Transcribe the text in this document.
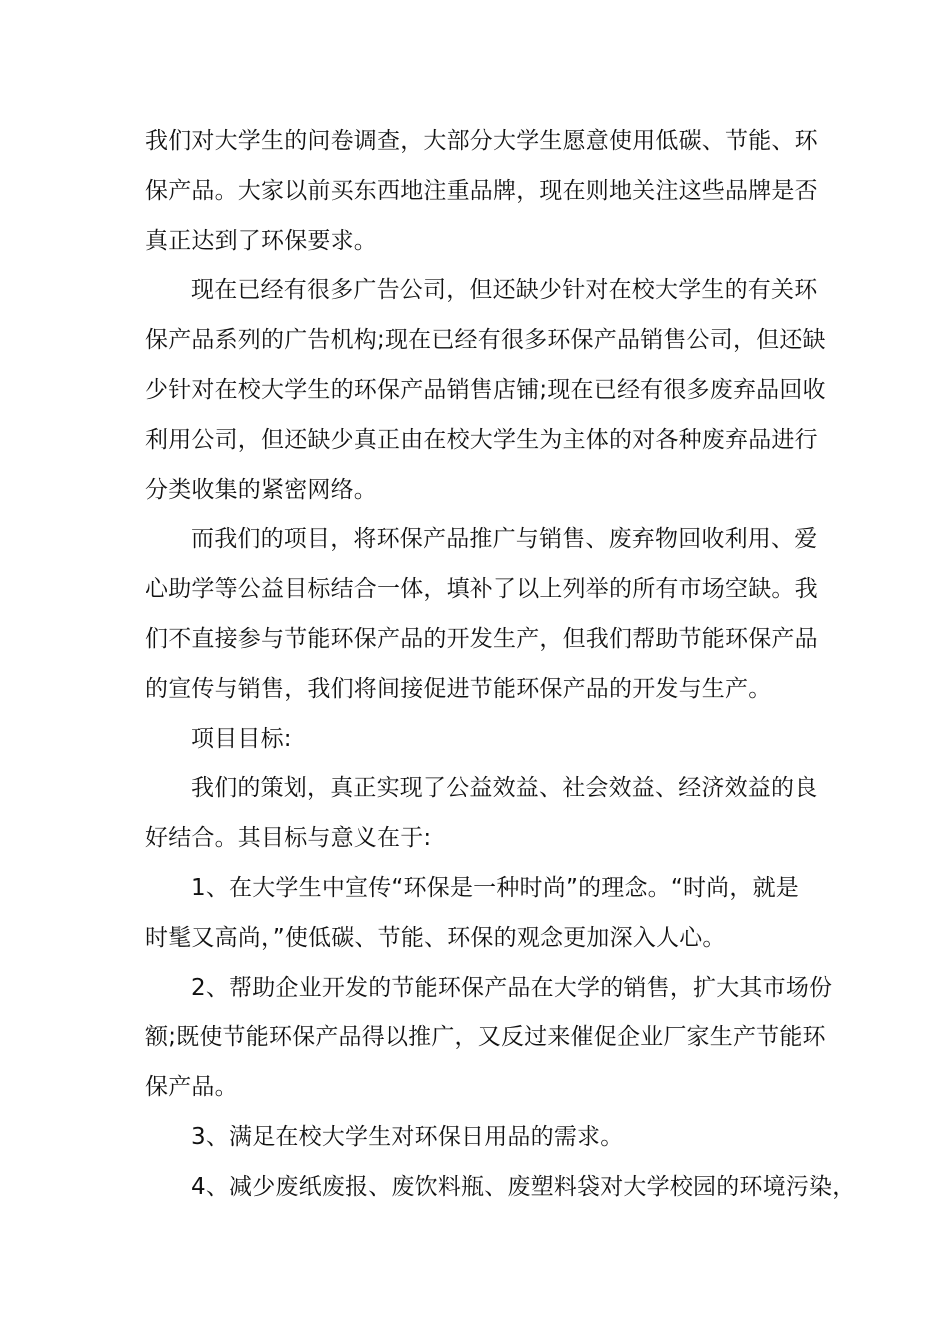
我们对大学生的问卷调查，大部分大学生愿意使用低碳、节能、环
保产品。大家以前买东西地注重品牌，现在则地关注这些品牌是否
真正达到了环保要求。
现在已经有很多广告公司，但还缺少针对在校大学生的有关环
保产品系列的广告机构;现在已经有很多环保产品销售公司，但还缺
少针对在校大学生的环保产品销售店铺;现在已经有很多废弃品回收
利用公司，但还缺少真正由在校大学生为主体的对各种废弃品进行
分类收集的紧密网络。
而我们的项目，将环保产品推广与销售、废弃物回收利用、爱
心助学等公益目标结合一体，填补了以上列举的所有市场空缺。我
们不直接参与节能环保产品的开发生产，但我们帮助节能环保产品
的宣传与销售，我们将间接促进节能环保产品的开发与生产。
项目目标:
我们的策划，真正实现了公益效益、社会效益、经济效益的良
好结合。其目标与意义在于:
1、在大学生中宣传“环保是一种时尚”的理念。“时尚，就是
时髦又高尚，”使低碳、节能、环保的观念更加深入人心。
2、帮助企业开发的节能环保产品在大学的销售，扩大其市场份
额;既使节能环保产品得以推广，又反过来催促企业厂家生产节能环
保产品。
3、满足在校大学生对环保日用品的需求。
4、减少废纸废报、废饮料瓶、废塑料袋对大学校园的环境污染，
